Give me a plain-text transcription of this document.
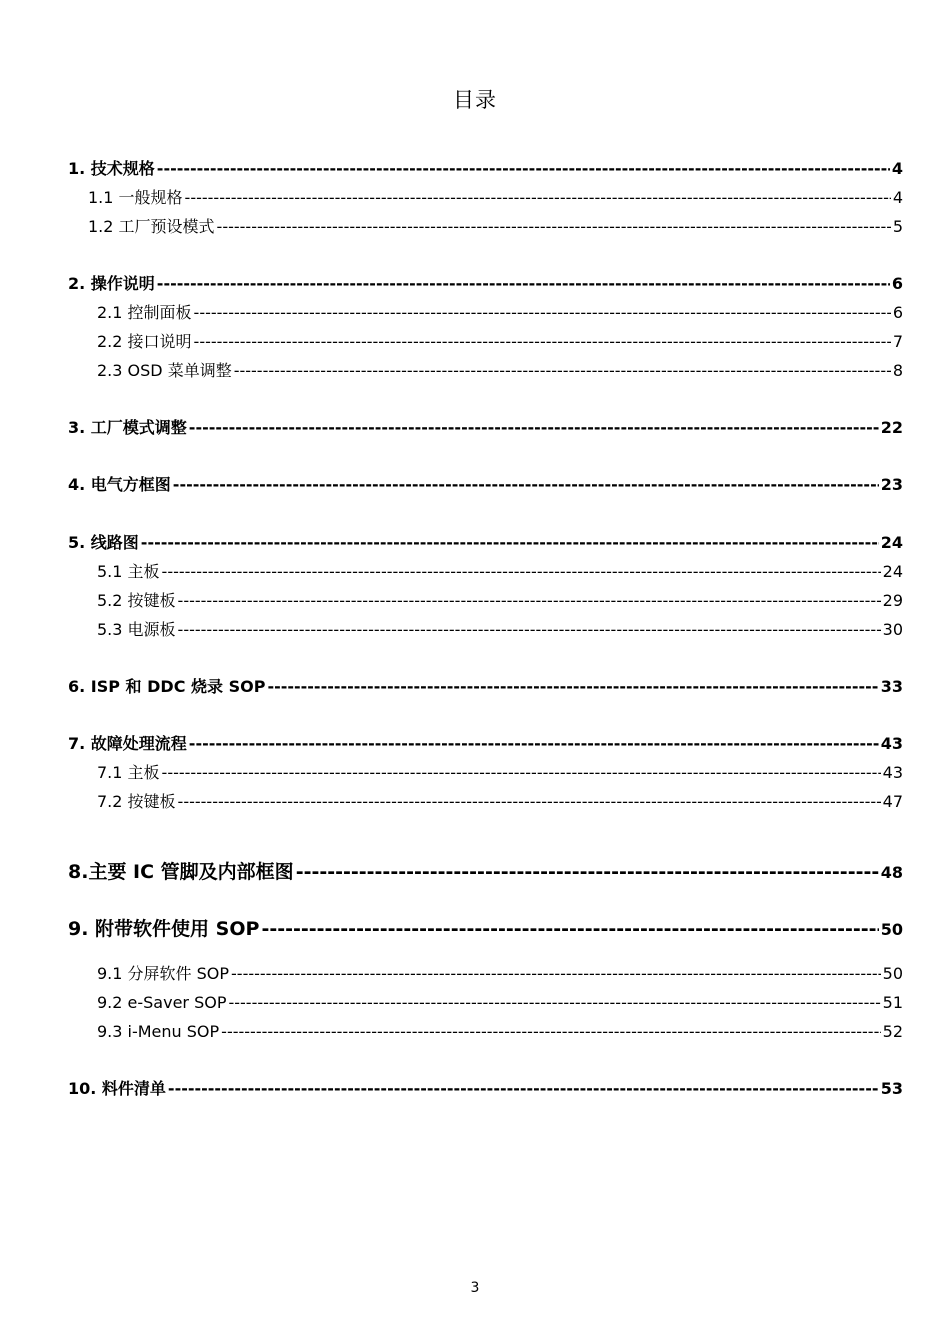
目录
1. 技术规格 -----	4
1.1 一般规格 -----	4
1.2 工厂预设模式 -----	5
2. 操作说明 -----	6
2.1 控制面板 -----	6
2.2 接口说明 -----	7
2.3 OSD 菜单调整 -----	8
3. 工厂模式调整 -----	22
4. 电气方框图 -----	23
5. 线路图 -----	24
5.1 主板 -----	24
5.2 按键板 -----	29
5.3 电源板 -----	30
6. ISP 和 DDC 烧录 SOP -----	33
7. 故障处理流程 -----	43
7.1 主板 -----	43
7.2 按键板 -----	47
8.主要 IC 管脚及内部框图 -----	48
9. 附带软件使用 SOP -----	50
9.1 分屏软件 SOP -----	50
9.2 e-Saver SOP -----	51
9.3 i-Menu SOP -----	52
10. 料件清单 -----	53
3
